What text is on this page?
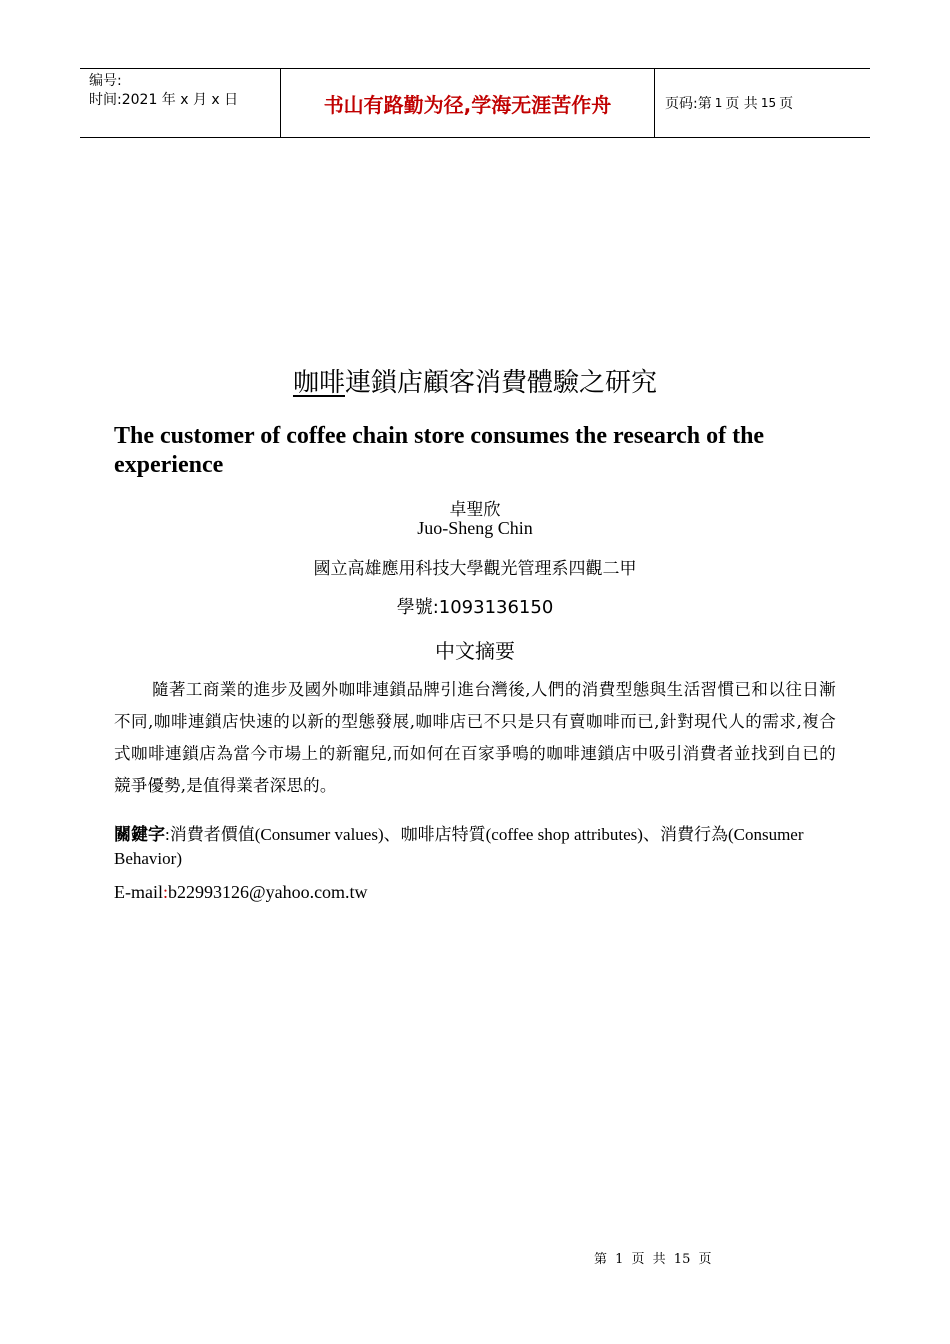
编号:
时间:2021 年 x 月 x 日	书山有路勤为径,学海无涯苦作舟	页码:第 1 页 共 15 页
咖啡連鎖店顧客消費體驗之研究
The customer of coffee chain store consumes the research of the experience
卓聖欣
Juo-Sheng Chin
國立高雄應用科技大學觀光管理系四觀二甲
學號:1093136150
中文摘要
隨著工商業的進步及國外咖啡連鎖品牌引進台灣後,人們的消費型態與生活習慣已和以往日漸不同,咖啡連鎖店快速的以新的型態發展,咖啡店已不只是只有賣咖啡而已,針對現代人的需求,複合式咖啡連鎖店為當今市場上的新寵兒,而如何在百家爭鳴的咖啡連鎖店中吸引消費者並找到自已的競爭優勢,是值得業者深思的。
關鍵字:消費者價值(Consumer values)、咖啡店特質(coffee shop attributes)、消費行為(Consumer Behavior)
E-mail:b22993126@yahoo.com.tw
第 1 页 共 15 页
